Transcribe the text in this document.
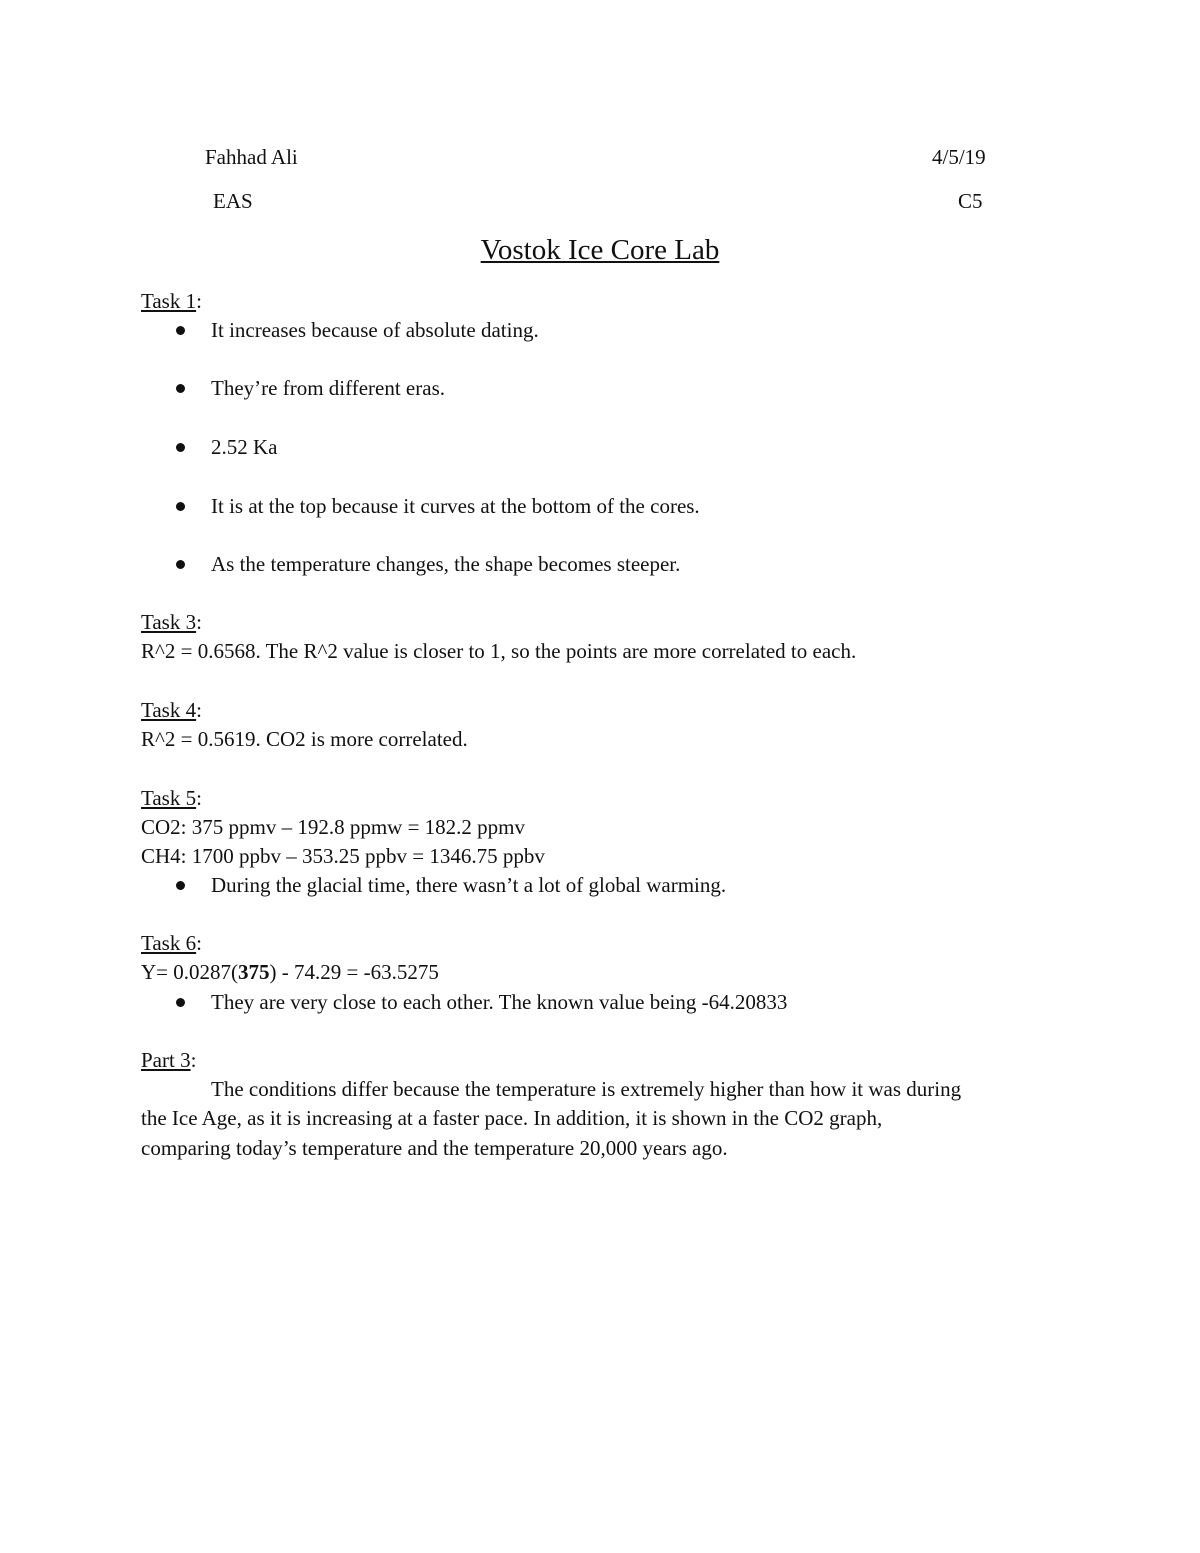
Fahhad Ali	4/5/19
EAS	C5
Vostok Ice Core Lab
Task 1:
It increases because of absolute dating.
They’re from different eras.
2.52 Ka
It is at the top because it curves at the bottom of the cores.
As the temperature changes, the shape becomes steeper.
Task 3:
R^2 = 0.6568. The R^2 value is closer to 1, so the points are more correlated to each.
Task 4:
R^2 = 0.5619. CO2 is more correlated.
Task 5:
CO2: 375 ppmv – 192.8 ppmw = 182.2 ppmv
CH4: 1700 ppbv – 353.25 ppbv = 1346.75 ppbv
During the glacial time, there wasn’t a lot of global warming.
Task 6:
Y= 0.0287(375) - 74.29 = -63.5275
They are very close to each other. The known value being -64.20833
Part 3:
The conditions differ because the temperature is extremely higher than how it was during
the Ice Age, as it is increasing at a faster pace. In addition, it is shown in the CO2 graph,
comparing today’s temperature and the temperature 20,000 years ago.
